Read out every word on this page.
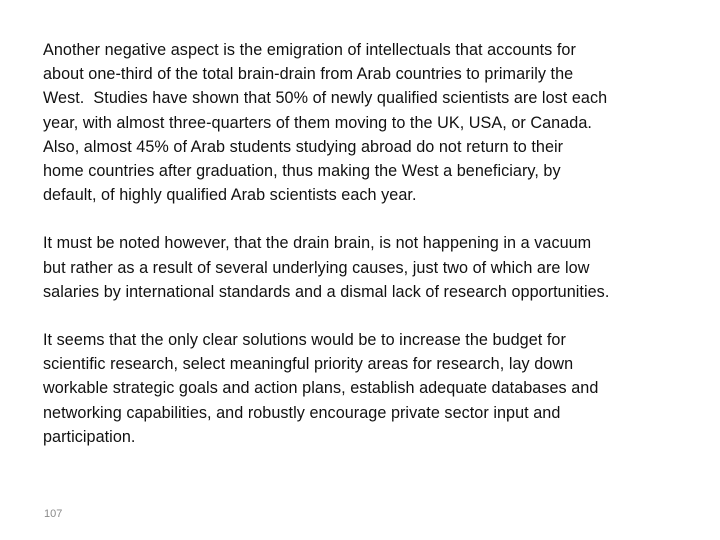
Another negative aspect is the emigration of intellectuals that accounts for
about one-third of the total brain-drain from Arab countries to primarily the
West.  Studies have shown that 50% of newly qualified scientists are lost each
year, with almost three-quarters of them moving to the UK, USA, or Canada.
Also, almost 45% of Arab students studying abroad do not return to their
home countries after graduation, thus making the West a beneficiary, by
default, of highly qualified Arab scientists each year.

It must be noted however, that the drain brain, is not happening in a vacuum
but rather as a result of several underlying causes, just two of which are low
salaries by international standards and a dismal lack of research opportunities.

It seems that the only clear solutions would be to increase the budget for
scientific research, select meaningful priority areas for research, lay down
workable strategic goals and action plans, establish adequate databases and
networking capabilities, and robustly encourage private sector input and
participation.

107
